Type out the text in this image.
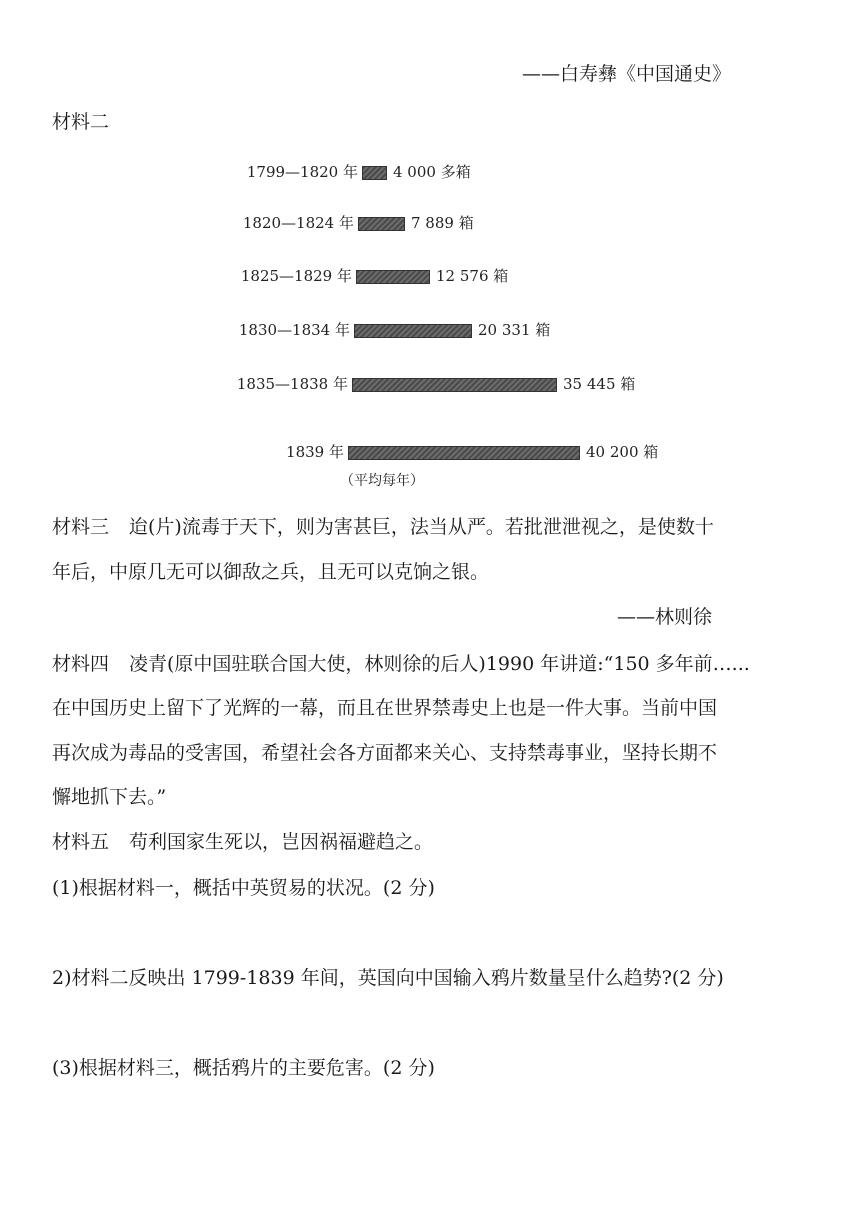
——白寿彝《中国通史》
材料二
1799—1820 年 4 000 多箱
1820—1824 年	7 889 箱
1825—1829 年	12 576 箱
1830—1834 年	20 331 箱
1835—1838 年	35 445 箱
1839 年	40 200 箱
（平均每年）
材料三 迨(片)流毒于天下，则为害甚巨，法当从严。若批泄泄视之，是使数十
年后，中原几无可以御敌之兵，且无可以克饷之银。
——林则徐
材料四 凌青(原中国驻联合国大使，林则徐的后人)1990 年讲道:“150 多年前…...
在中国历史上留下了光辉的一幕，而且在世界禁毒史上也是一件大事。当前中国
再次成为毒品的受害国，希望社会各方面都来关心、支持禁毒事业，坚持长期不
懈地抓下去。”
材料五 苟利国家生死以，岂因祸福避趋之。
(1)根据材料一，概括中英贸易的状况。(2 分)
2)材料二反映出 1799-1839 年间，英国向中国输入鸦片数量呈什么趋势?(2 分)
(3)根据材料三，概括鸦片的主要危害。(2 分)
